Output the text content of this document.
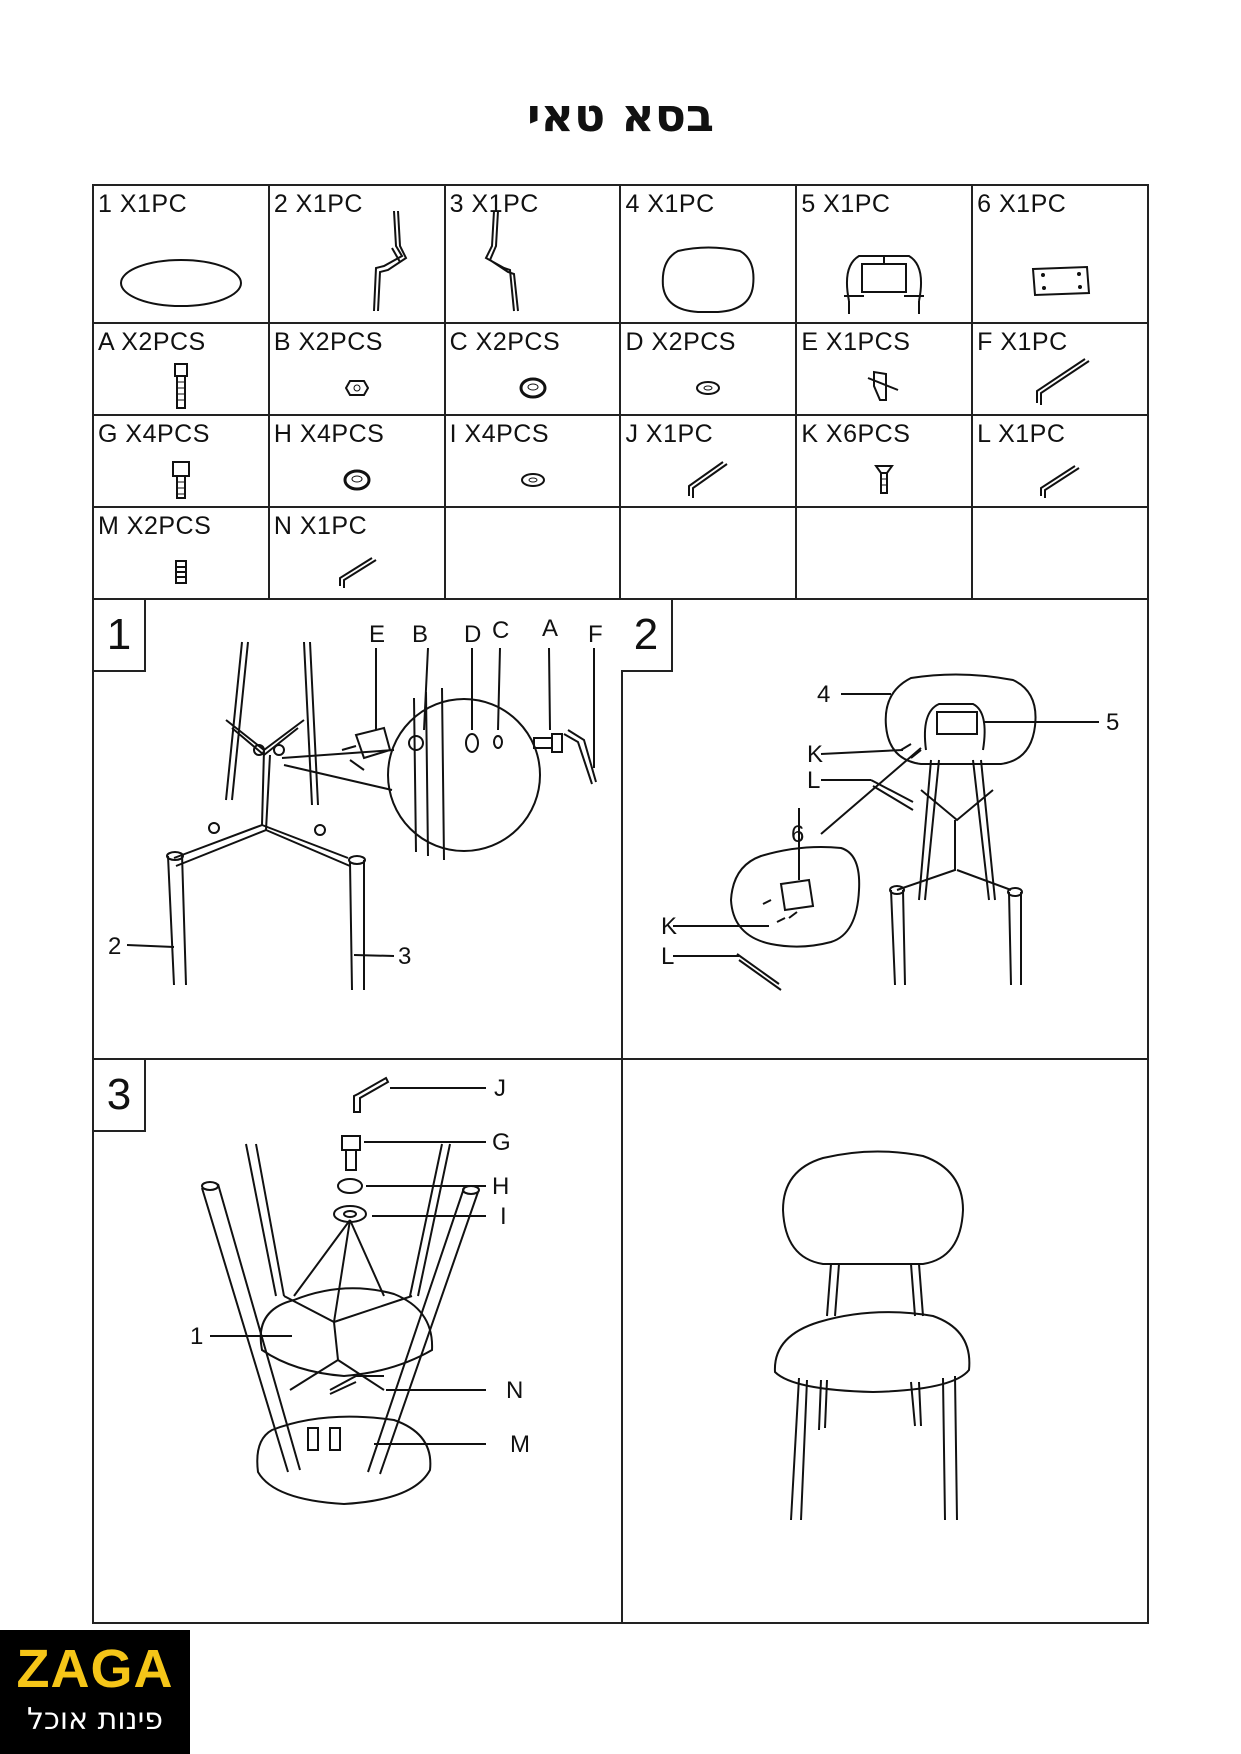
בסא טאי
1 X1PC	2 X1PC	3 X1PC	4 X1PC	5 X1PC	6 X1PC
A X2PCS	B X2PCS	C X2PCS	D X2PCS	E X1PCS	F X1PC
G X4PCS	H X4PCS	I X4PCS	J X1PC	K X6PCS	L X1PC
M X2PCS	N X1PC
1	E B D C A F
2	3
2
4
5
K
L
6
K
L
3	J
G
H
I
1
N
M
ZAGA
פינות אוכל
